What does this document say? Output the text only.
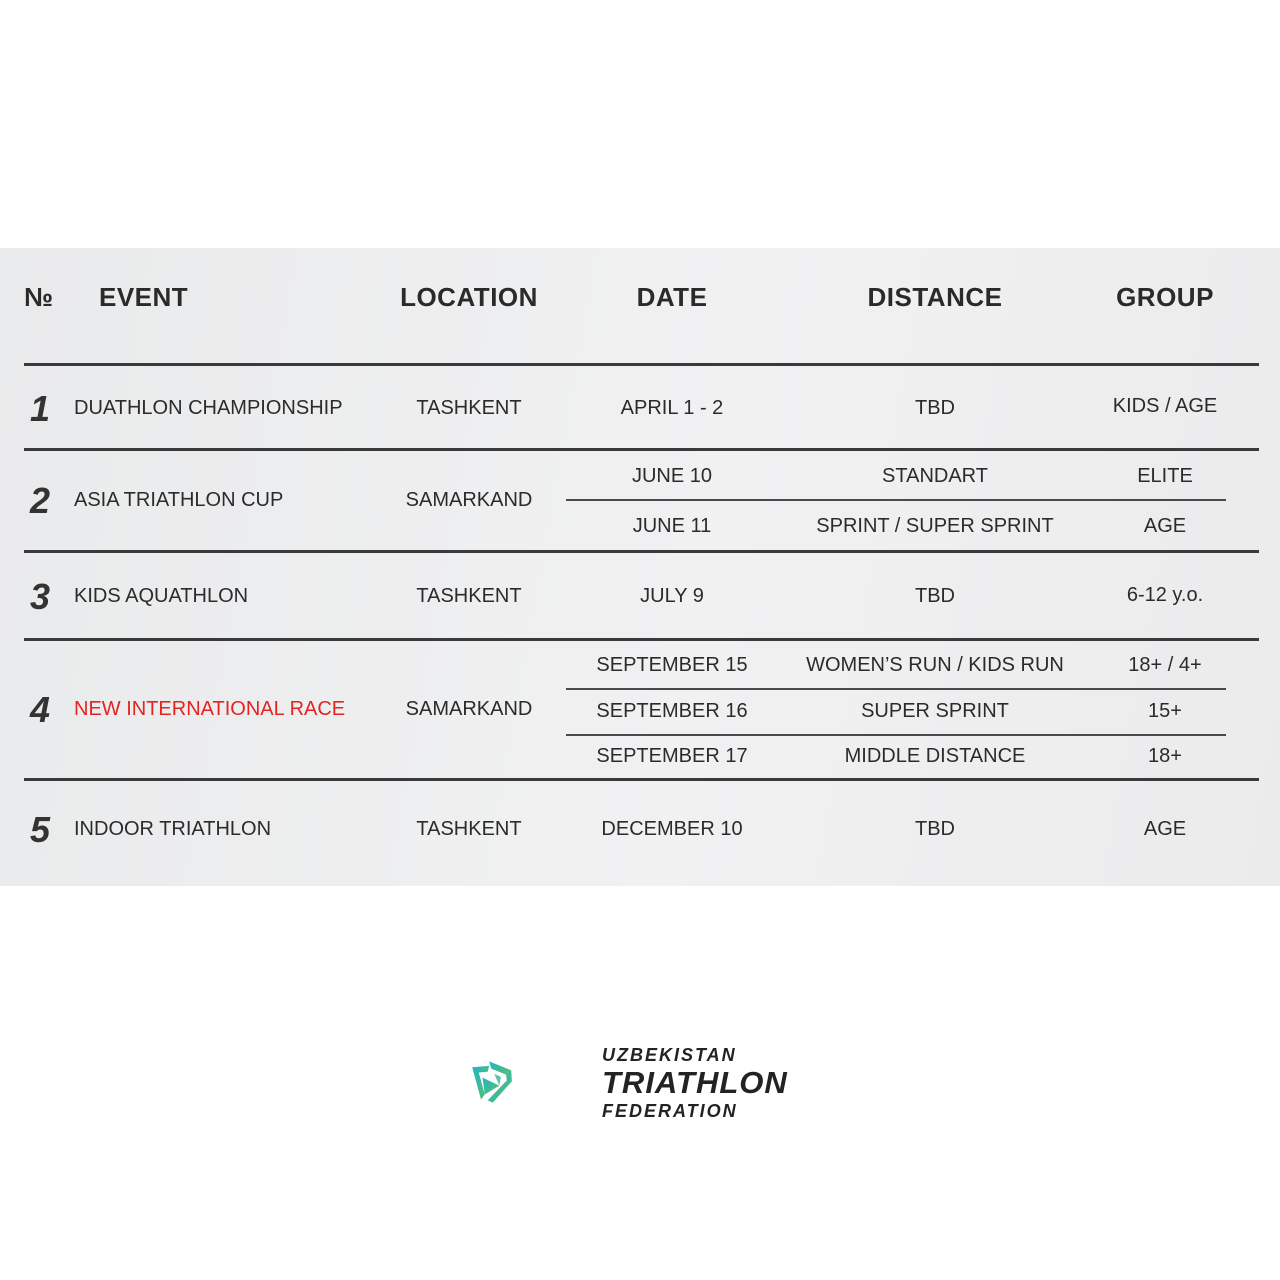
№ EVENT	LOCATION	DATE	DISTANCE	GROUP
1 DUATHLON CHAMPIONSHIP	TASHKENT	APRIL 1 - 2	TBD	KIDS / AGE
2 ASIA TRIATHLON CUP	SAMARKAND
JUNE 10	STANDART	ELITE
JUNE 11	SPRINT / SUPER SPRINT	AGE
3 KIDS AQUATHLON	TASHKENT	JULY 9	TBD	6-12 y.o.
4 NEW INTERNATIONAL RACE	SAMARKAND
SEPTEMBER 15	WOMEN’S RUN / KIDS RUN	18+ / 4+
SEPTEMBER 16	SUPER SPRINT	15+
SEPTEMBER 17	MIDDLE DISTANCE	18+
5 INDOOR TRIATHLON	TASHKENT	DECEMBER 10	TBD	AGE
UZBEKISTAN
TRIATHLON
FEDERATION
